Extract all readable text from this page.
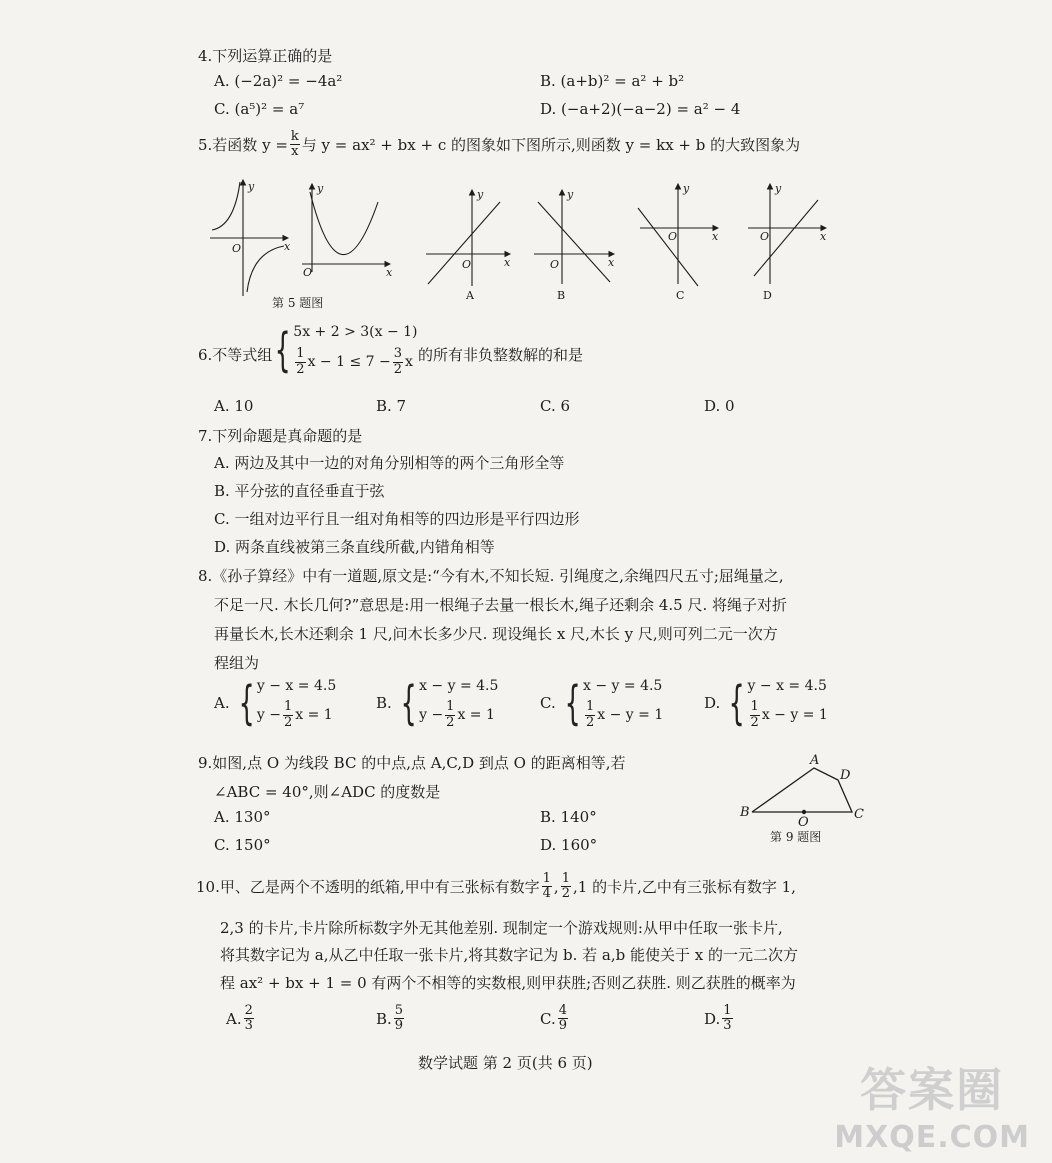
4.下列运算正确的是
A. (−2a)² = −4a²	B. (a+b)² = a² + b²
C. (a⁵)² = a⁷	D. (−a+2)(−a−2) = a² − 4
5.若函数 $y = \frac{k}{x}$ 与 y = ax² + bx + c 的图象如下图所示,则函数 y = kx + b 的大致图象为
y
x
O
y
x
O
y
x
O
y
x
O
y
x
O
y
x
O
第 5 题图
A	B	C	D
6.不等式组 { 5x + 2 > 3(x − 1)
$\frac{1}{2}$ $x - 1 \le 7 - \frac{3}{2}$ x 的所有非负整数解的和是
A. 10	B. 7	C. 6	D. 0
7.下列命题是真命题的是
A. 两边及其中一边的对角分别相等的两个三角形全等
B. 平分弦的直径垂直于弦
C. 一组对边平行且一组对角相等的四边形是平行四边形
D. 两条直线被第三条直线所截,内错角相等
8.《孙子算经》中有一道题,原文是:“今有木,不知长短. 引绳度之,余绳四尺五寸;屈绳量之,
不足一尺. 木长几何?”意思是:用一根绳子去量一根长木,绳子还剩余 4.5 尺. 将绳子对折
再量长木,长木还剩余 1 尺,问木长多少尺. 现设绳长 x 尺,木长 y 尺,则可列二元一次方
程组为
A. { y − x = 4.5
$y - \frac{1}{2}$ x = 1
B. { x − y = 4.5
$y - \frac{1}{2}$ x = 1
C. { x − y = 4.5
$\frac{1}{2}$ x − y = 1
D. { y − x = 4.5
$\frac{1}{2}$ x − y = 1
9.如图,点 O 为线段 BC 的中点,点 A,C,D 到点 O 的距离相等,若
∠ABC = 40°,则∠ADC 的度数是
A. 130°	B. 140°
C. 150°	D. 160°
A
D
B	C
O
第 9 题图
10.甲、乙是两个不透明的纸箱,甲中有三张标有数字 $\frac{1}{4}$ , $\frac{1}{2} ,1$ 的卡片,乙中有三张标有数字 1,
2,3 的卡片,卡片除所标数字外无其他差别. 现制定一个游戏规则:从甲中任取一张卡片,
将其数字记为 a,从乙中任取一张卡片,将其数字记为 b. 若 a,b 能使关于 x 的一元二次方
程 ax² + bx + 1 = 0 有两个不相等的实数根,则甲获胜;否则乙获胜. 则乙获胜的概率为
A. $\frac{2}{3}$	B. $\frac{5}{9}$	C. $\frac{4}{9}$	D. $\frac{1}{3}$
数学试题 第 2 页(共 6 页)	答案圈
MXQE.COM
